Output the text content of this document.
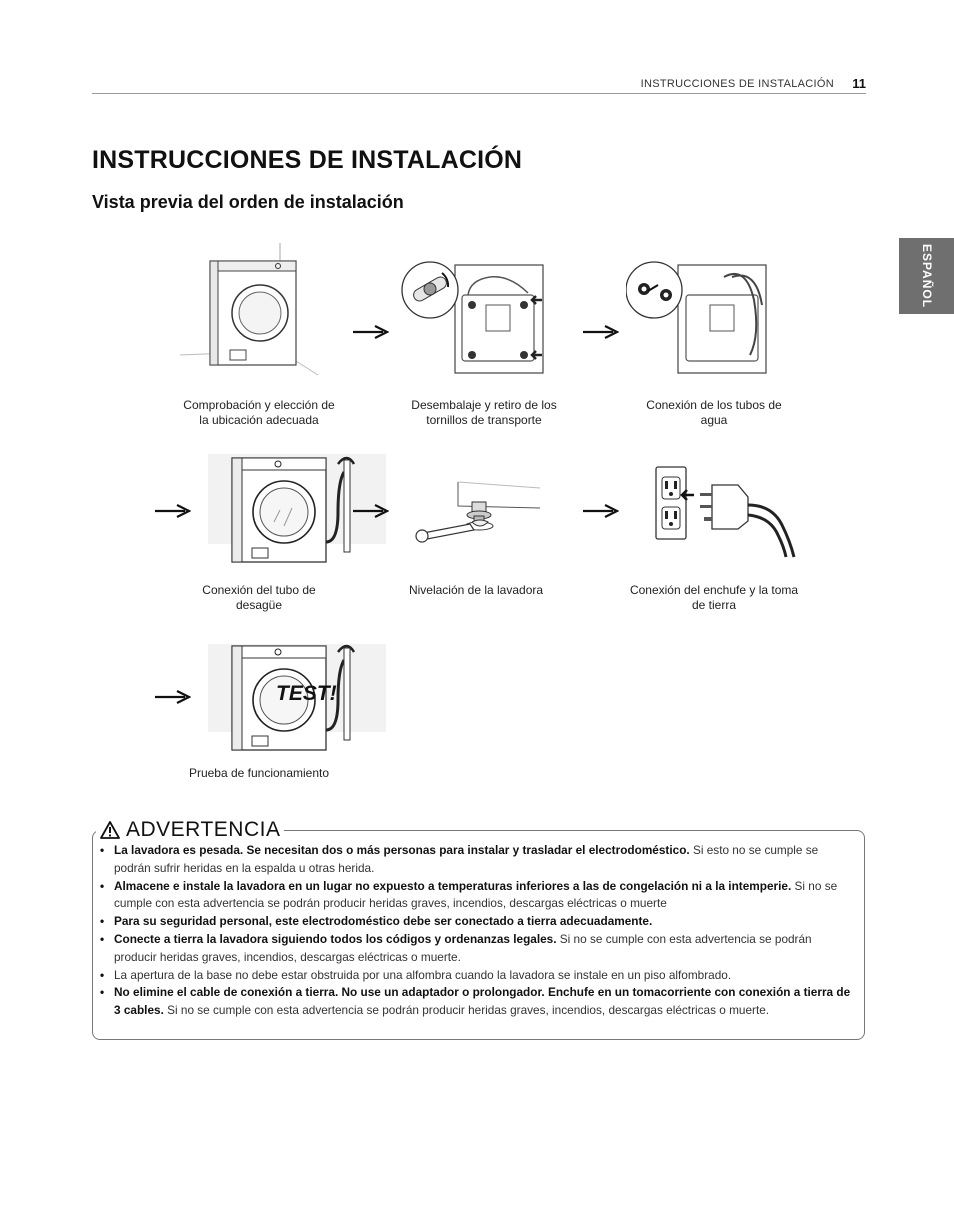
INSTRUCCIONES DE INSTALACIÓN 11
ESPAÑOL
INSTRUCCIONES DE INSTALACIÓN
Vista previa del orden de instalación
Comprobación y elección de
la ubicación adecuada
Desembalaje y retiro de los
tornillos de transporte
Conexión de los tubos de
agua
Conexión del tubo de
desagüe
Nivelación de la lavadora	Conexión del enchufe y la toma
de tierra
TEST!
Prueba de funcionamiento
ADVERTENCIA
• La lavadora es pesada. Se necesitan dos o más personas para instalar y trasladar el electrodoméstico. Si esto no se cumple se podrán sufrir heridas en la espalda u otras herida.
• Almacene e instale la lavadora en un lugar no expuesto a temperaturas inferiores a las de congelación ni a la intemperie. Si no se cumple con esta advertencia se podrán producir heridas graves, incendios, descargas eléctricas o muerte
• Para su seguridad personal, este electrodoméstico debe ser conectado a tierra adecuadamente.
• Conecte a tierra la lavadora siguiendo todos los códigos y ordenanzas legales. Si no se cumple con esta advertencia se podrán producir heridas graves, incendios, descargas eléctricas o muerte.
• La apertura de la base no debe estar obstruida por una alfombra cuando la lavadora se instale en un piso alfombrado.
• No elimine el cable de conexión a tierra. No use un adaptador o prolongador. Enchufe en un tomacorriente con conexión a tierra de 3 cables. Si no se cumple con esta advertencia se podrán producir heridas graves, incendios, descargas eléctricas o muerte.
